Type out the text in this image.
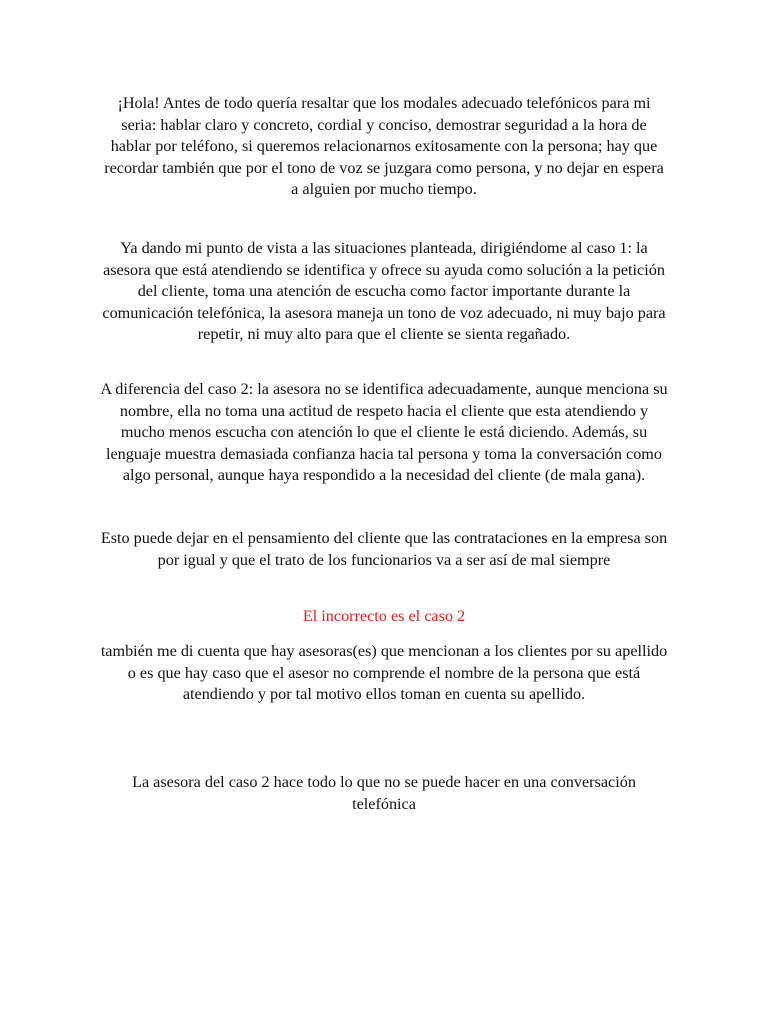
¡Hola! Antes de todo quería resaltar que los modales adecuado telefónicos para mi seria: hablar claro y concreto, cordial y conciso, demostrar seguridad a la hora de hablar por teléfono, si queremos relacionarnos exitosamente con la persona; hay que recordar también que por el tono de voz se juzgara como persona, y no dejar en espera a alguien por mucho tiempo.

Ya dando mi punto de vista a las situaciones planteada, dirigiéndome al caso 1: la asesora que está atendiendo se identifica y ofrece su ayuda como solución a la petición del cliente, toma una atención de escucha como factor importante durante la comunicación telefónica, la asesora maneja un tono de voz adecuado, ni muy bajo para repetir, ni muy alto para que el cliente se sienta regañado.

A diferencia del caso 2: la asesora no se identifica adecuadamente, aunque menciona su nombre, ella no toma una actitud de respeto hacia el cliente que esta atendiendo y mucho menos escucha con atención lo que el cliente le está diciendo. Además, su lenguaje muestra demasiada confianza hacia tal persona y toma la conversación como algo personal, aunque haya respondido a la necesidad del cliente (de mala gana).

Esto puede dejar en el pensamiento del cliente que las contrataciones en la empresa son por igual y que el trato de los funcionarios va a ser así de mal siempre

El incorrecto es el caso 2

también me di cuenta que hay asesoras(es) que mencionan a los clientes por su apellido o es que hay caso que el asesor no comprende el nombre de la persona que está atendiendo y por tal motivo ellos toman en cuenta su apellido.

La asesora del caso 2 hace todo lo que no se puede hacer en una conversación telefónica
